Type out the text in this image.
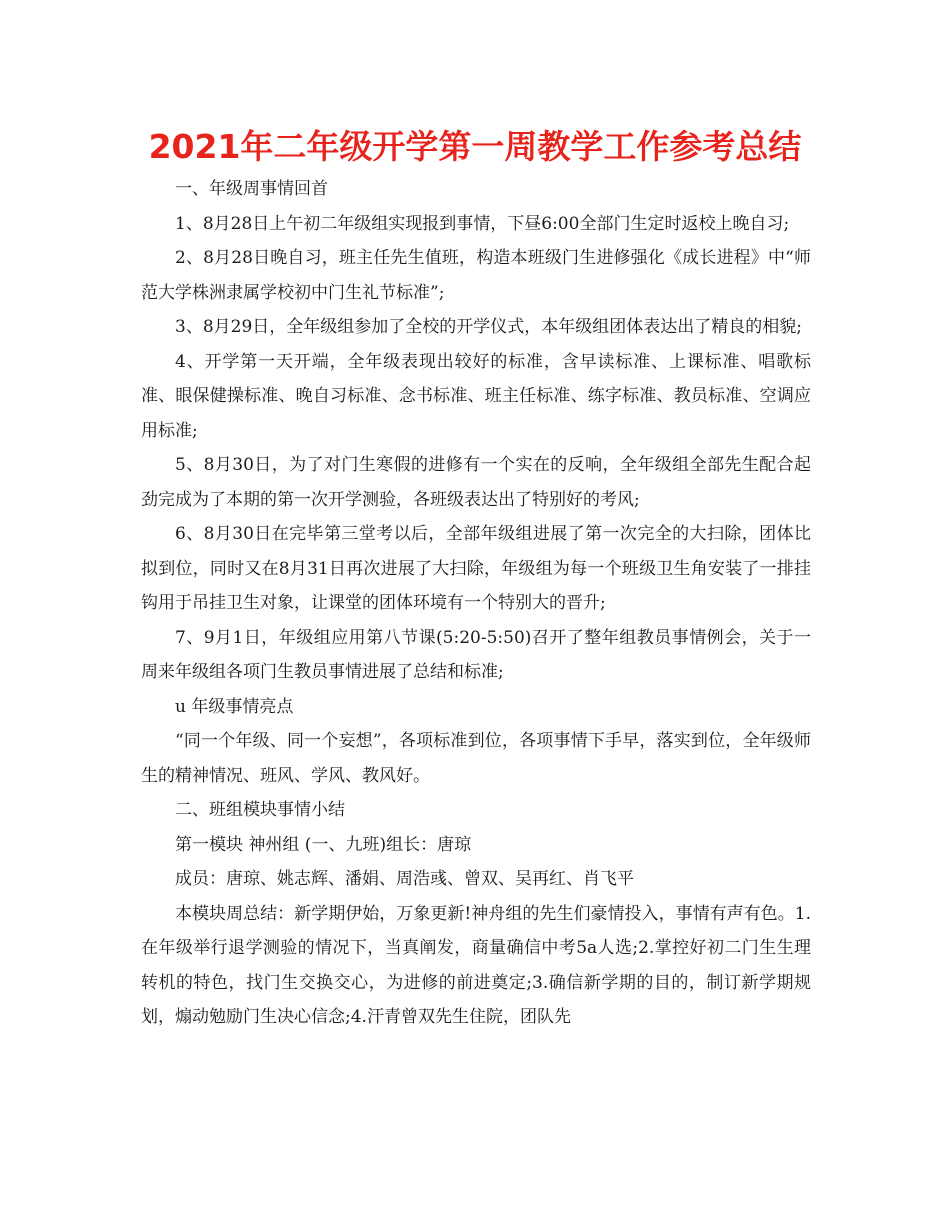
2021年二年级开学第一周教学工作参考总结

一、年级周事情回首

1、8月28日上午初二年级组实现报到事情，下昼6:00全部门生定时返校上晚自习;

2、8月28日晚自习，班主任先生值班，构造本班级门生进修强化《成长进程》中“师范大学株洲隶属学校初中门生礼节标准”;

3、8月29日，全年级组参加了全校的开学仪式，本年级组团体表达出了精良的相貌;

4、开学第一天开端，全年级表现出较好的标准，含早读标准、上课标准、唱歌标准、眼保健操标准、晚自习标准、念书标准、班主任标准、练字标准、教员标准、空调应用标准;

5、8月30日，为了对门生寒假的进修有一个实在的反响，全年级组全部先生配合起劲完成为了本期的第一次开学测验，各班级表达出了特别好的考风;

6、8月30日在完毕第三堂考以后，全部年级组进展了第一次完全的大扫除，团体比拟到位，同时又在8月31日再次进展了大扫除，年级组为每一个班级卫生角安装了一排挂钩用于吊挂卫生对象，让课堂的团体环境有一个特别大的晋升;

7、9月1日，年级组应用第八节课(5:20-5:50)召开了整年组教员事情例会，关于一周来年级组各项门生教员事情进展了总结和标准;

u 年级事情亮点

“同一个年级、同一个妄想”，各项标准到位，各项事情下手早，落实到位，全年级师生的精神情况、班风、学风、教风好。

二、班组模块事情小结

第一模块 神州组 (一、九班)组长：唐琼

成员：唐琼、姚志辉、潘娟、周浩彧、曾双、吴再红、肖飞平

本模块周总结：新学期伊始，万象更新!神舟组的先生们豪情投入，事情有声有色。1.在年级举行退学测验的情况下，当真阐发，商量确信中考5a人选;2.掌控好初二门生生理转机的特色，找门生交换交心，为进修的前进奠定;3.确信新学期的目的，制订新学期规划，煽动勉励门生决心信念;4.汗青曾双先生住院，团队先
